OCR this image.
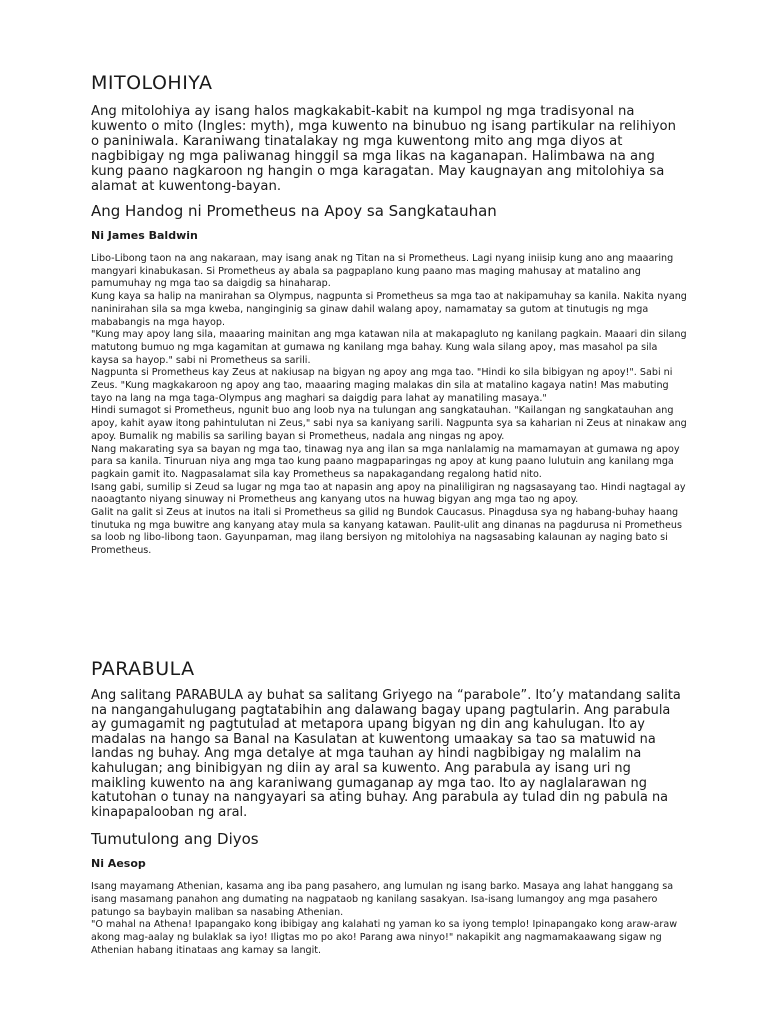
MITOLOHIYA

Ang mitolohiya ay isang halos magkakabit-kabit na kumpol ng mga tradisyonal na kuwento o mito (Ingles: myth), mga kuwento na binubuo ng isang partikular na relihiyon o paniniwala. Karaniwang tinatalakay ng mga kuwentong mito ang mga diyos at nagbibigay ng mga paliwanag hinggil sa mga likas na kaganapan. Halimbawa na ang kung paano nagkaroon ng hangin o mga karagatan. May kaugnayan ang mitolohiya sa alamat at kuwentong-bayan.

Ang Handog ni Prometheus na Apoy sa Sangkatauhan

Ni James Baldwin

Libo-Libong taon na ang nakaraan, may isang anak ng Titan na si Prometheus. Lagi nyang iniisip kung ano ang maaaring mangyari kinabukasan. Si Prometheus ay abala sa pagpaplano kung paano mas maging mahusay at matalino ang pamumuhay ng mga tao sa daigdig sa hinaharap.

Kung kaya sa halip na manirahan sa Olympus, nagpunta si Prometheus sa mga tao at nakipamuhay sa kanila. Nakita nyang naninirahan sila sa mga kweba, nanginginig sa ginaw dahil walang apoy, namamatay sa gutom at tinutugis ng mga mababangis na mga hayop.

"Kung may apoy lang sila, maaaring mainitan ang mga katawan nila at makapagluto ng kanilang pagkain. Maaari din silang matutong bumuo ng mga kagamitan at gumawa ng kanilang mga bahay. Kung wala silang apoy, mas masahol pa sila kaysa sa hayop." sabi ni Prometheus sa sarili.

Nagpunta si Prometheus kay Zeus at nakiusap na bigyan ng apoy ang mga tao. "Hindi ko sila bibigyan ng apoy!". Sabi ni Zeus. "Kung magkakaroon ng apoy ang tao, maaaring maging malakas din sila at matalino kagaya natin! Mas mabuting tayo na lang na mga taga-Olympus ang maghari sa daigdig para lahat ay manatiling masaya."

Hindi sumagot si Prometheus, ngunit buo ang loob nya na tulungan ang sangkatauhan. "Kailangan ng sangkatauhan ang apoy, kahit ayaw itong pahintulutan ni Zeus," sabi nya sa kaniyang sarili. Nagpunta sya sa kaharian ni Zeus at ninakaw ang apoy. Bumalik ng mabilis sa sariling bayan si Prometheus, nadala ang ningas ng apoy.

Nang makarating sya sa bayan ng mga tao, tinawag nya ang ilan sa mga nanlalamig na mamamayan at gumawa ng apoy para sa kanila. Tinuruan niya ang mga tao kung paano magpaparingas ng apoy at kung paano lulutuin ang kanilang mga pagkain gamit ito. Nagpasalamat sila kay Prometheus sa napakagandang regalong hatid nito.

Isang gabi, sumilip si Zeud sa lugar ng mga tao at napasin ang apoy na pinaliligiran ng nagsasayang tao. Hindi nagtagal ay naoagtanto niyang sinuway ni Prometheus ang kanyang utos na huwag bigyan ang mga tao ng apoy.

Galit na galit si Zeus at inutos na itali si Prometheus sa gilid ng Bundok Caucasus. Pinagdusa sya ng habang-buhay haang tinutuka ng mga buwitre ang kanyang atay mula sa kanyang katawan. Paulit-ulit ang dinanas na pagdurusa ni Prometheus sa loob ng libo-libong taon. Gayunpaman, mag ilang bersiyon ng mitolohiya na nagsasabing kalaunan ay naging bato si Prometheus.

PARABULA

Ang salitang PARABULA ay buhat sa salitang Griyego na “parabole”. Ito’y matandang salita na nangangahulugang pagtatabihin ang dalawang bagay upang pagtularin. Ang parabula ay gumagamit ng pagtutulad at metapora upang bigyan ng din ang kahulugan. Ito ay madalas na hango sa Banal na Kasulatan at kuwentong umaakay sa tao sa matuwid na landas ng buhay. Ang mga detalye at mga tauhan ay hindi nagbibigay ng malalim na kahulugan; ang binibigyan ng diin ay aral sa kuwento. Ang parabula ay isang uri ng maikling kuwento na ang karaniwang gumaganap ay mga tao. Ito ay naglalarawan ng katutohan o tunay na nangyayari sa ating buhay. Ang parabula ay tulad din ng pabula na kinapapalooban ng aral.

Tumutulong ang Diyos

Ni Aesop

Isang mayamang Athenian, kasama ang iba pang pasahero, ang lumulan ng isang barko. Masaya ang lahat hanggang sa isang masamang panahon ang dumating na nagpataob ng kanilang sasakyan. Isa-isang lumangoy ang mga pasahero patungo sa baybayin maliban sa nasabing Athenian.

"O mahal na Athena! Ipapangako kong ibibigay ang kalahati ng yaman ko sa iyong templo! Ipinapangako kong araw-araw akong mag-aalay ng bulaklak sa iyo! Iligtas mo po ako! Parang awa ninyo!" nakapikit ang nagmamakaawang sigaw ng Athenian habang itinataas ang kamay sa langit.
